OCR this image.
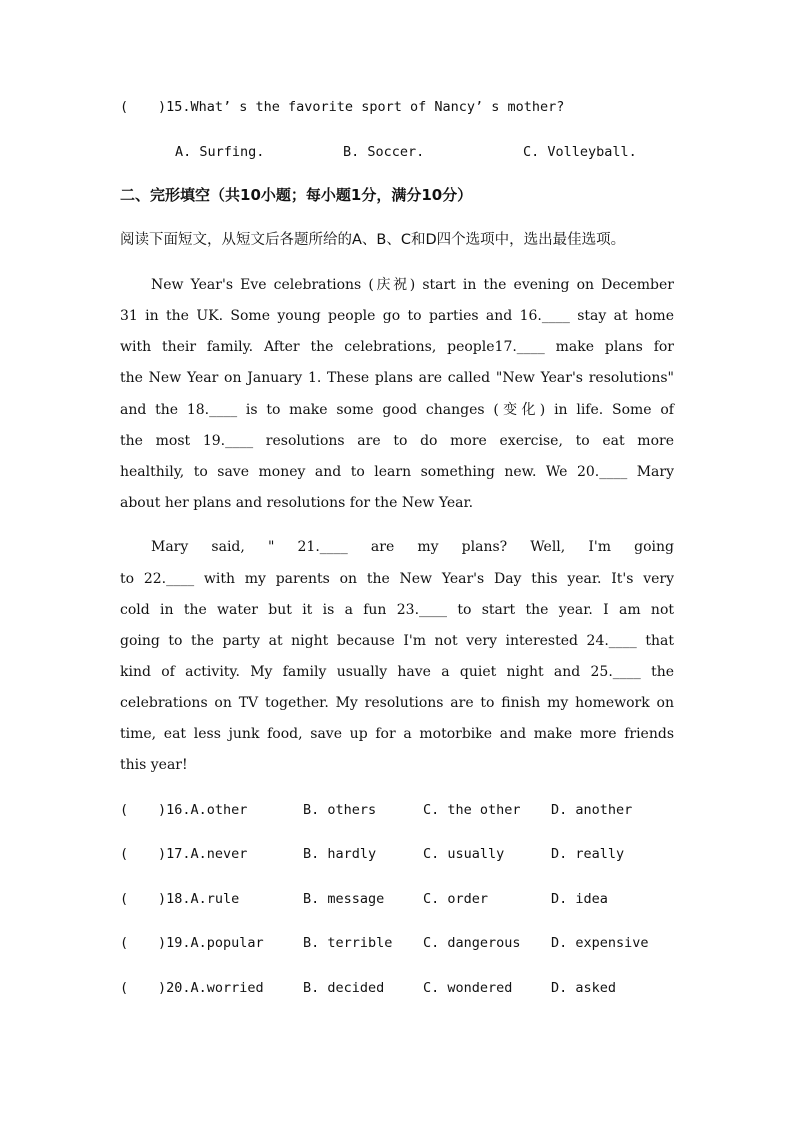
( )15.What’ s the favorite sport of Nancy’ s mother?
A. Surfing.	B. Soccer.	C. Volleyball.
二、完形填空（共10小题；每小题1分，满分10分）
阅读下面短文，从短文后各题所给的A、B、C和D四个选项中，选出最佳选项。
New Year's Eve celebrations (庆祝) start in the evening on December
31 in the UK. Some young people go to parties and 16.____ stay at home
with their family. After the celebrations, people17.____ make plans for
the New Year on January 1. These plans are called "New Year's resolutions"
and the 18.____ is to make some good changes (变化) in life. Some of
the most 19.____ resolutions are to do more exercise, to eat more
healthily, to save money and to learn something new. We 20.____ Mary
about her plans and resolutions for the New Year.
Mary said, " 21.____ are my plans? Well, I'm going
to 22.____ with my parents on the New Year's Day this year. It's very
cold in the water but it is a fun 23.____ to start the year. I am not
going to the party at night because I'm not very interested 24.____ that
kind of activity. My family usually have a quiet night and 25.____ the
celebrations on TV together. My resolutions are to finish my homework on
time, eat less junk food, save up for a motorbike and make more friends
this year!
( )16.A.other	B. others	C. the other D. another
( )17.A.never	B. hardly	C. usually	D. really
( )18.A.rule	B. message	C. order	D. idea
( )19.A.popular	B. terrible C. dangerous D. expensive
( )20.A.worried	B. decided	C. wondered	D. asked
